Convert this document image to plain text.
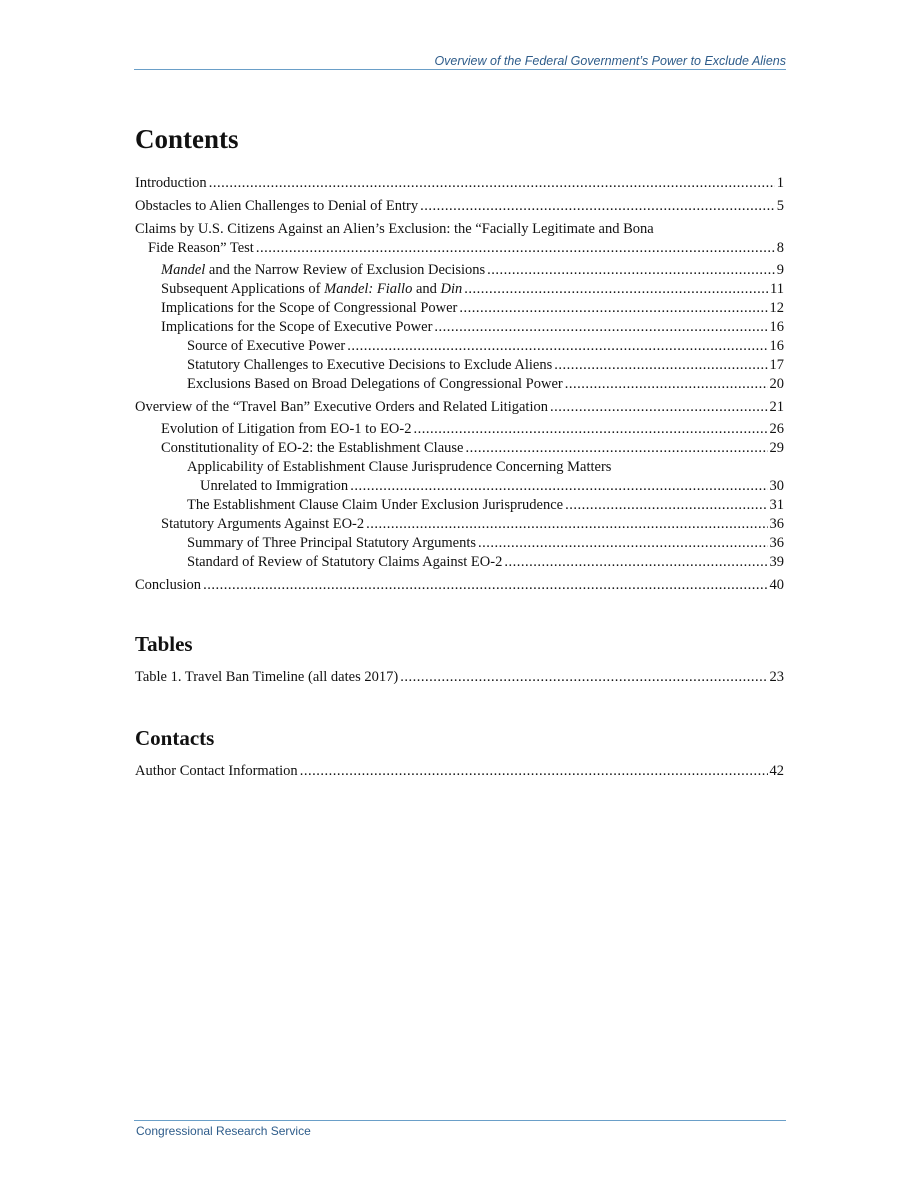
Overview of the Federal Government’s Power to Exclude Aliens
Contents
Introduction .....	1
Obstacles to Alien Challenges to Denial of Entry .....	5
Claims by U.S. Citizens Against an Alien’s Exclusion: the “Facially Legitimate and Bona
Fide Reason” Test .....	8
Mandel and the Narrow Review of Exclusion Decisions .....	9
Subsequent Applications of Mandel: Fiallo and Din .....	11
Implications for the Scope of Congressional Power .....	12
Implications for the Scope of Executive Power .....	16
Source of Executive Power .....	16
Statutory Challenges to Executive Decisions to Exclude Aliens .....	17
Exclusions Based on Broad Delegations of Congressional Power .....	20
Overview of the “Travel Ban” Executive Orders and Related Litigation .....	21
Evolution of Litigation from EO-1 to EO-2 .....	26
Constitutionality of EO-2: the Establishment Clause .....	29
Applicability of Establishment Clause Jurisprudence Concerning Matters
Unrelated to Immigration .....	30
The Establishment Clause Claim Under Exclusion Jurisprudence .....	31
Statutory Arguments Against EO-2 .....	36
Summary of Three Principal Statutory Arguments .....	36
Standard of Review of Statutory Claims Against EO-2 .....	39
Conclusion .....	40
Tables
Table 1. Travel Ban Timeline (all dates 2017) .....	23
Contacts
Author Contact Information .....	42
Congressional Research Service
